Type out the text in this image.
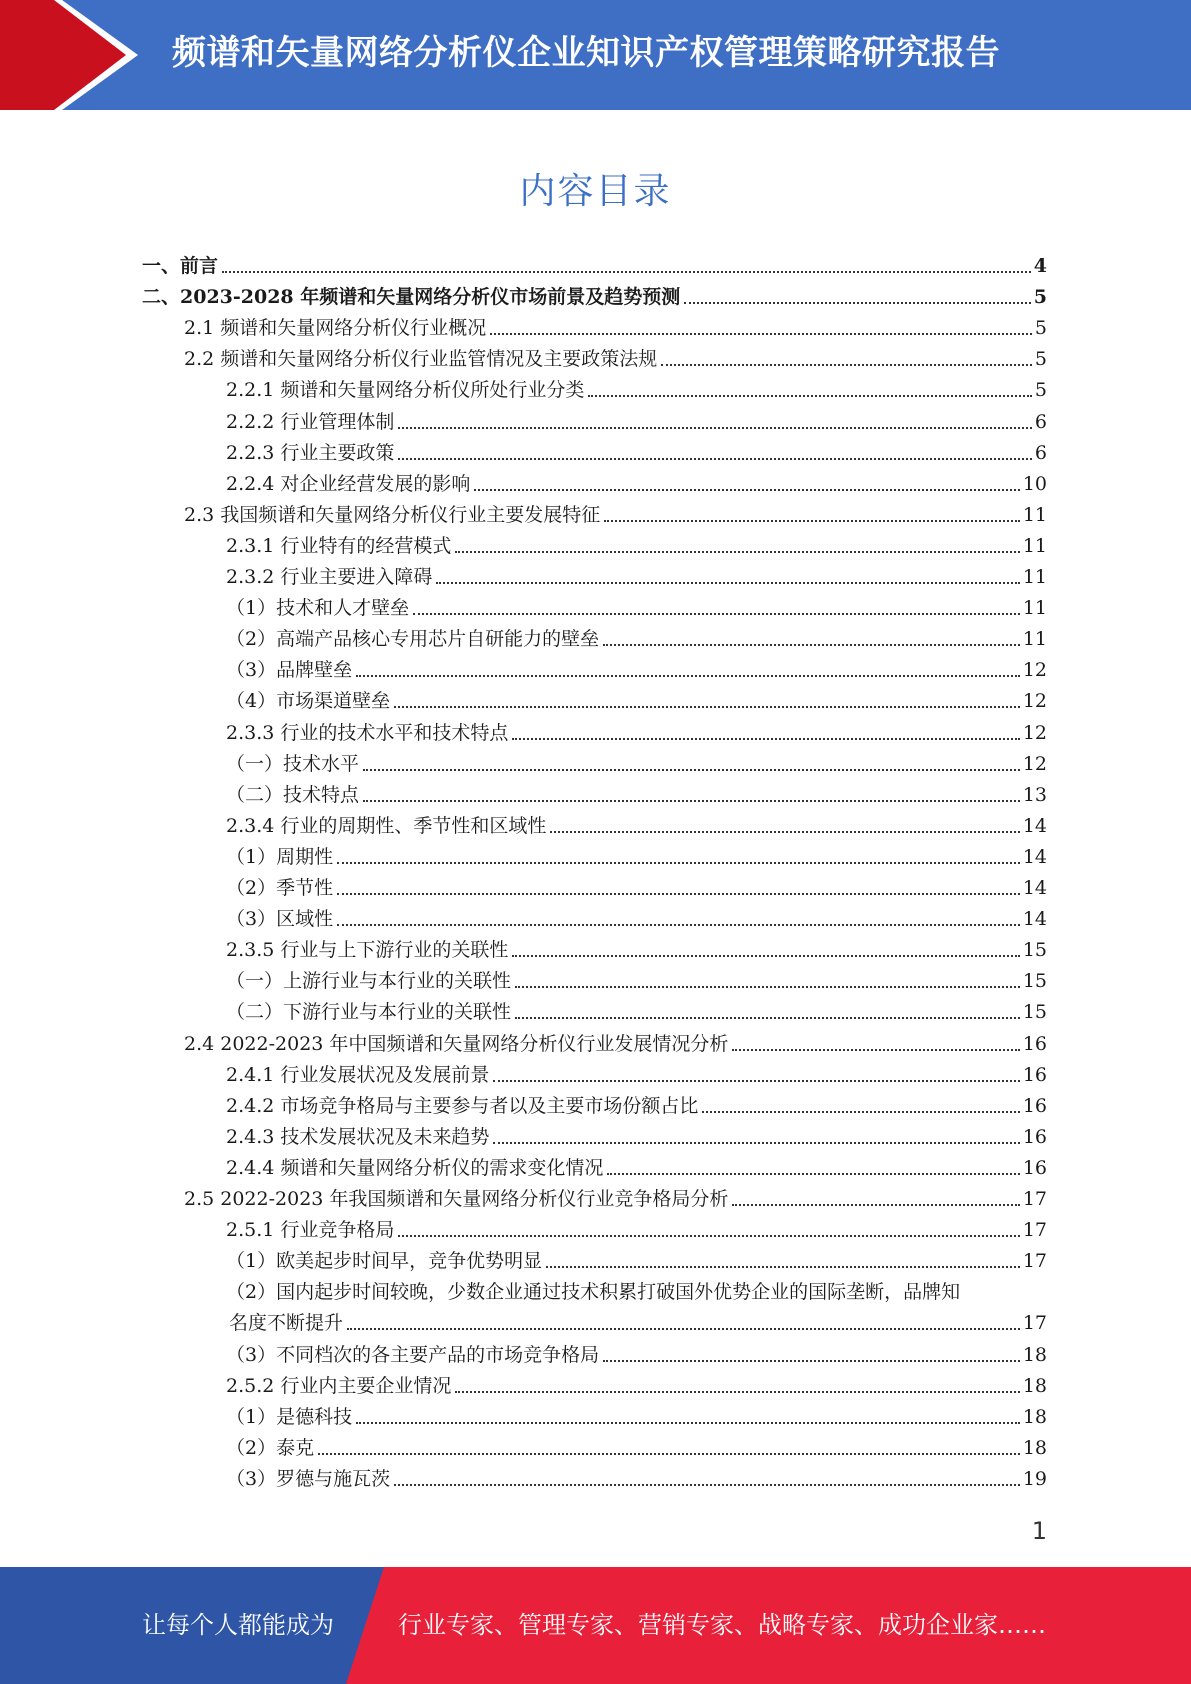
频谱和矢量网络分析仪企业知识产权管理策略研究报告
内容目录
一、前言	4
二、2023-2028 年频谱和矢量网络分析仪市场前景及趋势预测	5
2.1 频谱和矢量网络分析仪行业概况	5
2.2 频谱和矢量网络分析仪行业监管情况及主要政策法规	5
2.2.1 频谱和矢量网络分析仪所处行业分类	5
2.2.2 行业管理体制	6
2.2.3 行业主要政策	6
2.2.4 对企业经营发展的影响	10
2.3 我国频谱和矢量网络分析仪行业主要发展特征	11
2.3.1 行业特有的经营模式	11
2.3.2 行业主要进入障碍	11
（1）技术和人才壁垒	11
（2）高端产品核心专用芯片自研能力的壁垒	11
（3）品牌壁垒	12
（4）市场渠道壁垒	12
2.3.3 行业的技术水平和技术特点	12
（一）技术水平	12
（二）技术特点	13
2.3.4 行业的周期性、季节性和区域性	14
（1）周期性	14
（2）季节性	14
（3）区域性	14
2.3.5 行业与上下游行业的关联性	15
（一）上游行业与本行业的关联性	15
（二）下游行业与本行业的关联性	15
2.4 2022-2023 年中国频谱和矢量网络分析仪行业发展情况分析	16
2.4.1 行业发展状况及发展前景	16
2.4.2 市场竞争格局与主要参与者以及主要市场份额占比	16
2.4.3 技术发展状况及未来趋势	16
2.4.4 频谱和矢量网络分析仪的需求变化情况	16
2.5 2022-2023 年我国频谱和矢量网络分析仪行业竞争格局分析	17
2.5.1 行业竞争格局	17
（1）欧美起步时间早，竞争优势明显	17
（2）国内起步时间较晚，少数企业通过技术积累打破国外优势企业的国际垄断，品牌知
名度不断提升	17
（3）不同档次的各主要产品的市场竞争格局	18
2.5.2 行业内主要企业情况	18
（1）是德科技	18
（2）泰克	18
（3）罗德与施瓦茨	19
1
让每个人都能成为	行业专家、管理专家、营销专家、战略专家、成功企业家……
